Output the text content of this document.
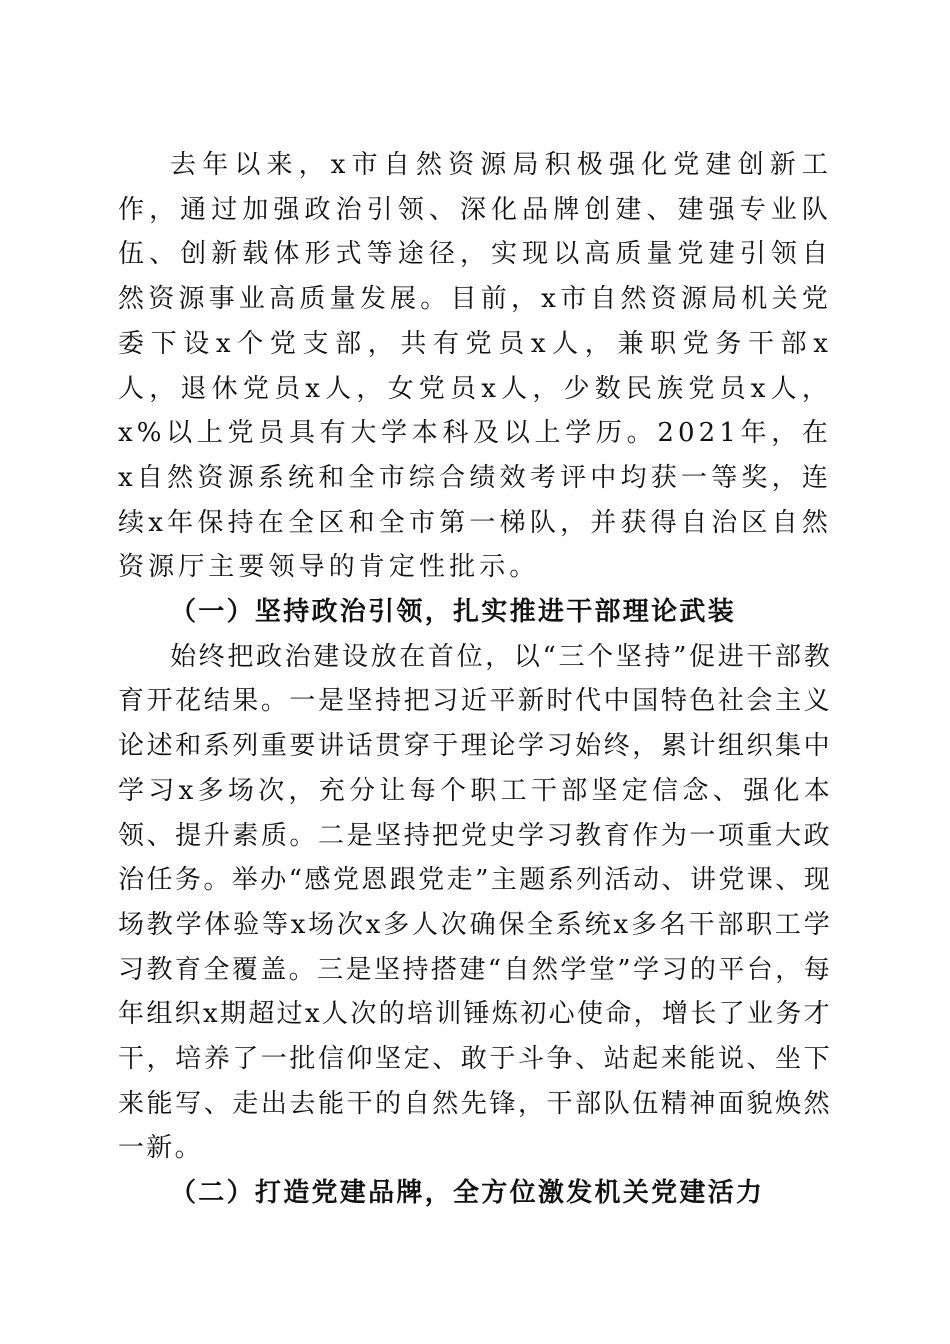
去年以来，x市自然资源局积极强化党建创新工作，通过加强政治引领、深化品牌创建、建强专业队伍、创新载体形式等途径，实现以高质量党建引领自然资源事业高质量发展。目前，x市自然资源局机关党委下设x个党支部，共有党员x人，兼职党务干部x人，退休党员x人，女党员x人，少数民族党员x人，x%以上党员具有大学本科及以上学历。2021年，在x自然资源系统和全市综合绩效考评中均获一等奖，连续x年保持在全区和全市第一梯队，并获得自治区自然资源厅主要领导的肯定性批示。

（一）坚持政治引领，扎实推进干部理论武装

始终把政治建设放在首位，以“三个坚持”促进干部教育开花结果。一是坚持把习近平新时代中国特色社会主义论述和系列重要讲话贯穿于理论学习始终，累计组织集中学习x多场次，充分让每个职工干部坚定信念、强化本领、提升素质。二是坚持把党史学习教育作为一项重大政治任务。举办“感党恩跟党走”主题系列活动、讲党课、现场教学体验等x场次x多人次确保全系统x多名干部职工学习教育全覆盖。三是坚持搭建“自然学堂”学习的平台，每年组织x期超过x人次的培训锤炼初心使命，增长了业务才干，培养了一批信仰坚定、敢于斗争、站起来能说、坐下来能写、走出去能干的自然先锋，干部队伍精神面貌焕然一新。

（二）打造党建品牌，全方位激发机关党建活力
